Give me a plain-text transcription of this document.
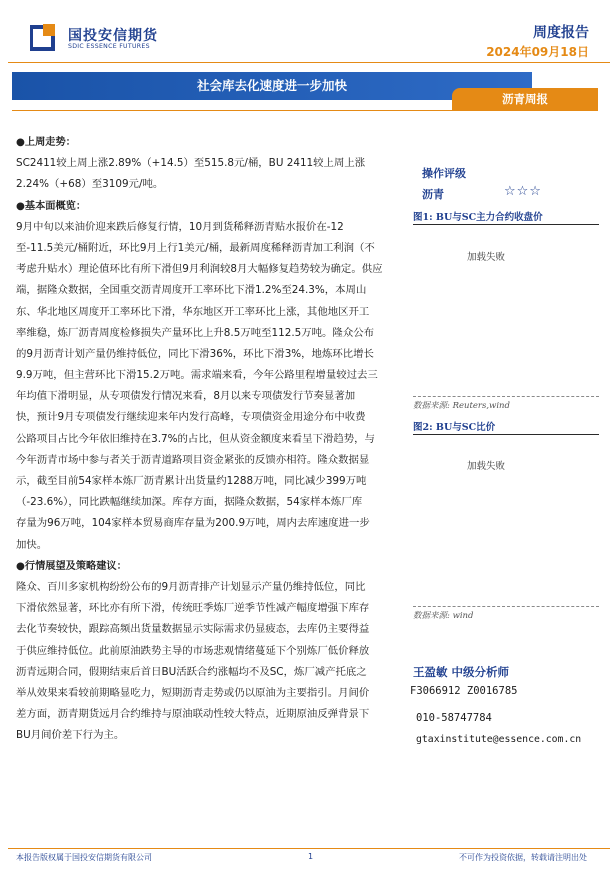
国投安信期货
SDIC ESSENCE FUTURES
周度报告
2024年09月18日
社会库去化速度进一步加快
沥青周报
●上周走势：
SC2411较上周上涨2.89%（+14.5）至515.8元/桶，BU 2411较上周上涨
2.24%（+68）至3109元/吨。
●基本面概览：
9月中旬以来油价迎来跌后修复行情，10月到货稀释沥青贴水报价在-12
至-11.5美元/桶附近，环比9月上行1美元/桶，最新周度稀释沥青加工利润（不
考虑升贴水）理论值环比有所下滑但9月利润较8月大幅修复趋势较为确定。供应
端，据隆众数据，全国重交沥青周度开工率环比下滑1.2%至24.3%，本周山
东、华北地区周度开工率环比下滑，华东地区开工率环比上涨，其他地区开工
率维稳，炼厂沥青周度检修损失产量环比上升8.5万吨至112.5万吨。隆众公布
的9月沥青计划产量仍维持低位，同比下滑36%，环比下滑3%，地炼环比增长
9.9万吨，但主营环比下滑15.2万吨。需求端来看，今年公路里程增量较过去三
年均值下滑明显，从专项债发行情况来看，8月以来专项债发行节奏显著加
快，预计9月专项债发行继续迎来年内发行高峰，专项债资金用途分布中收费
公路项目占比今年依旧维持在3.7%的占比，但从资金额度来看呈下滑趋势，与
今年沥青市场中参与者关于沥青道路项目资金紧张的反馈亦相符。隆众数据显
示，截至目前54家样本炼厂沥青累计出货量约1288万吨，同比减少399万吨
（-23.6%），同比跌幅继续加深。库存方面，据隆众数据，54家样本炼厂库
存量为96万吨，104家样本贸易商库存量为200.9万吨，周内去库速度进一步
加快。
●行情展望及策略建议：
隆众、百川多家机构纷纷公布的9月沥青排产计划显示产量仍维持低位，同比
下滑依然显著，环比亦有所下滑，传统旺季炼厂逆季节性减产幅度增强下库存
去化节奏较快，跟踪高频出货量数据显示实际需求仍显疲态，去库仍主要得益
于供应维持低位。此前原油跌势主导的市场悲观情绪蔓延下个别炼厂低价释放
沥青远期合同，假期结束后首日BU活跃合约涨幅均不及SC，炼厂减产托底之
举从效果来看较前期略显吃力，短期沥青走势或仍以原油为主要指引。月间价
差方面，沥青期货远月合约维持与原油联动性较大特点，近期原油反弹背景下
BU月间价差下行为主。
操作评级
沥青	☆☆☆
图1: BU与SC主力合约收盘价
加载失败
数据来源: Reuters,wind
图2: BU与SC比价
加载失败
数据来源: wind
王盈敏 中级分析师
F3066912 Z0016785
010-58747784
gtaxinstitute@essence.com.cn
本报告版权属于国投安信期货有限公司	1	不可作为投资依据，转载请注明出处
